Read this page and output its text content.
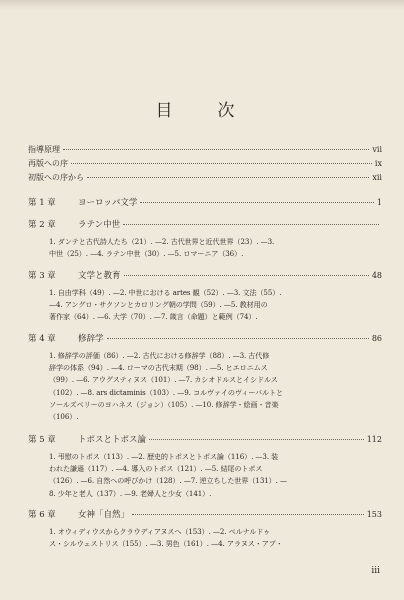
目　次
指導原理	vii
再版への序	ix
初版への序から	xii
第 1 章	ヨーロッパ文学	1
第 2 章	ラテン中世
1. ダンテと古代詩人たち（21）. —2. 古代世界と近代世界（23）. —3.
中世（25）. —4. ラテン中世（30）. —5. ロマーニア（36）.
第 3 章	文学と教育	48
1. 自由学科（49）. —2. 中世における artes 観（52）. —3. 文法（55）.
—4. アングロ・サクソンとカロリング朝の学問（59）. —5. 教材用の
著作家（64）. —6. 大学（70）. —7. 箴言（命題）と範例（74）.
第 4 章	修辞学	86
1. 修辞学の評価（86）. —2. 古代における修辞学（88）. —3. 古代修
辞学の体系（94）. —4. ローマの古代末期（98）. —5. ヒエロニムス
（99）. —6. アウグスティヌス（101）. —7. カシオドルスとイシドルス
（102）. —8. ars dictaminis（103）. —9. コルヴァイのヴィーバルトと
ソールズベリーのヨハネス（ジョン）（105）. —10. 修辞学・絵画・音楽
（106）.
第 5 章	トポスとトポス論	112
1. 弔慰のトポス（113）. —2. 歴史的トポスとトポス論（116）. —3. 装
われた謙遜（117）. —4. 導入のトポス（121）. —5. 結尾のトポス
（126）. —6. 自然への呼びかけ（128）. —7. 逆立ちした世界（131）. —
8. 少年と老人（137）. —9. 老婦人と少女（141）.
第 6 章	女神「自然」	153
1. オウィディウスからクラウディアヌスへ（153）. —2. ベルナルドゥ
ス・シルウェストリス（155）. —3. 男色（161）. —4. アラヌス・アブ・
iii
